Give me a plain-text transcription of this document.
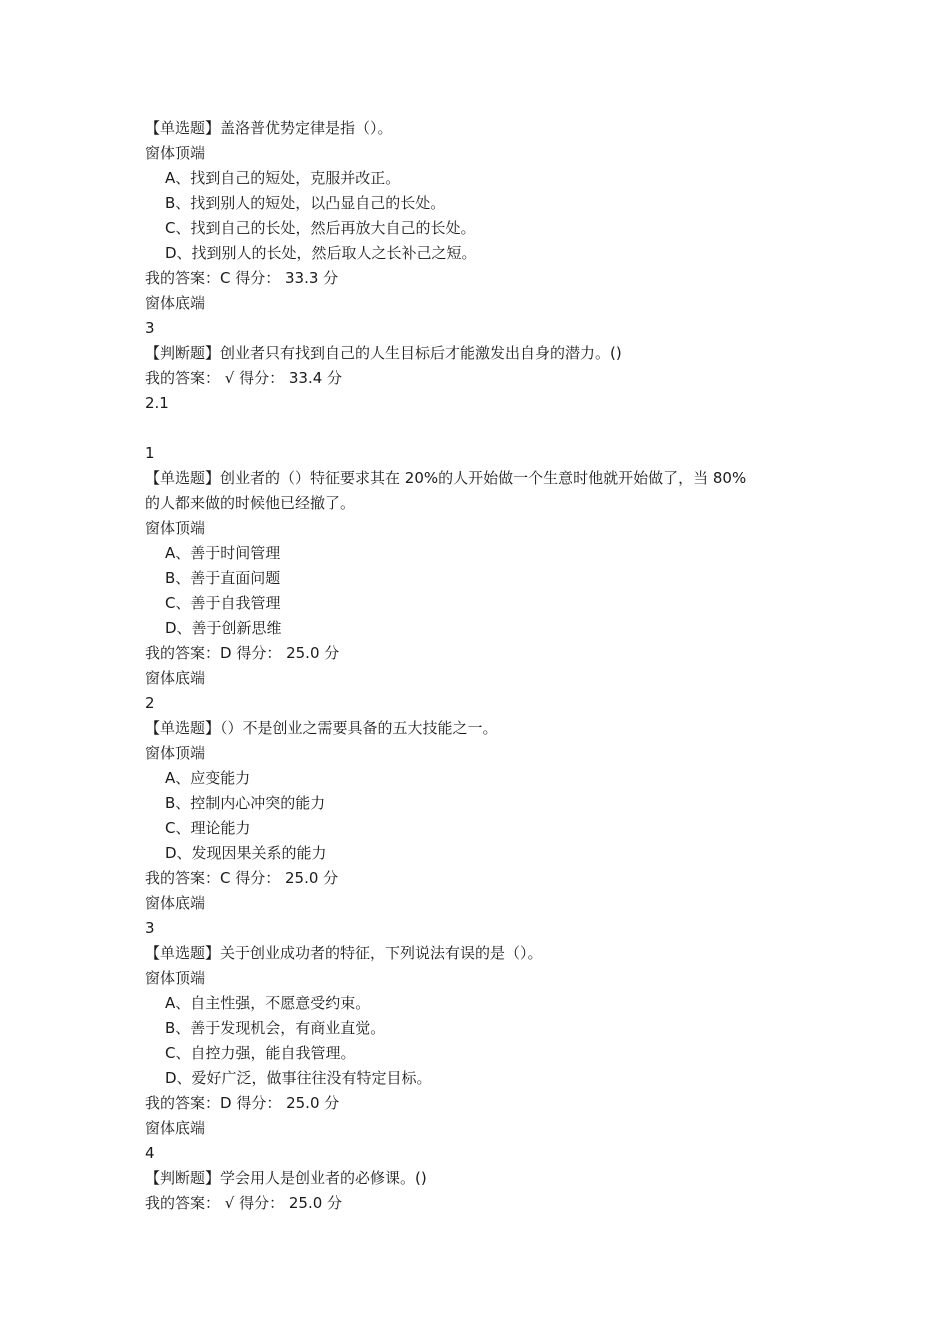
【单选题】盖洛普优势定律是指（）。
窗体顶端
A、找到自己的短处，克服并改正。
B、找到别人的短处，以凸显自己的长处。
C、找到自己的长处，然后再放大自己的长处。
D、找到别人的长处，然后取人之长补己之短。
我的答案：C 得分： 33.3 分
窗体底端
3
【判断题】创业者只有找到自己的人生目标后才能激发出自身的潜力。()
我的答案： √ 得分： 33.4 分
2.1
1
【单选题】创业者的（）特征要求其在 20%的人开始做一个生意时他就开始做了，当 80%
的人都来做的时候他已经撤了。
窗体顶端
A、善于时间管理
B、善于直面问题
C、善于自我管理
D、善于创新思维
我的答案：D 得分： 25.0 分
窗体底端
2
【单选题】（）不是创业之需要具备的五大技能之一。
窗体顶端
A、应变能力
B、控制内心冲突的能力
C、理论能力
D、发现因果关系的能力
我的答案：C 得分： 25.0 分
窗体底端
3
【单选题】关于创业成功者的特征，下列说法有误的是（）。
窗体顶端
A、自主性强，不愿意受约束。
B、善于发现机会，有商业直觉。
C、自控力强，能自我管理。
D、爱好广泛，做事往往没有特定目标。
我的答案：D 得分： 25.0 分
窗体底端
4
【判断题】学会用人是创业者的必修课。()
我的答案： √ 得分： 25.0 分
